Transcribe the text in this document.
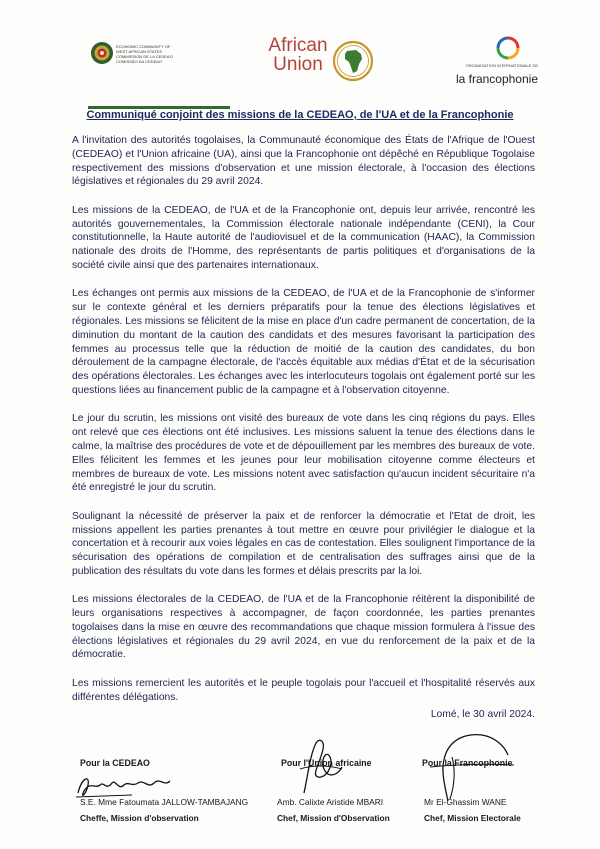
ECONOMIC COMMUNITY OF
WEST AFRICAN STATES
COMMISSION DE LA CEDEAO
COMISSÃO DA CEDEAO
African
Union	ORGANISATION INTERNATIONALE DE
la francophonie
Communiqué conjoint des missions de la CEDEAO, de l'UA et de la Francophonie

A l'invitation des autorités togolaises, la Communauté économique des États de l'Afrique de l'Ouest (CEDEAO) et l'Union africaine (UA), ainsi que la Francophonie ont dépêché en République Togolaise respectivement des missions d'observation et une mission électorale, à l'occasion des élections législatives et régionales du 29 avril 2024.

Les missions de la CEDEAO, de l'UA et de la Francophonie ont, depuis leur arrivée, rencontré les autorités gouvernementales, la Commission électorale nationale indépendante (CENI), la Cour constitutionnelle, la Haute autorité de l'audiovisuel et de la communication (HAAC), la Commission nationale des droits de l'Homme, des représentants de partis politiques et d'organisations de la société civile ainsi que des partenaires internationaux.

Les échanges ont permis aux missions de la CEDEAO, de l'UA et de la Francophonie de s'informer sur le contexte général et les derniers préparatifs pour la tenue des élections législatives et régionales. Les missions se félicitent de la mise en place d'un cadre permanent de concertation, de la diminution du montant de la caution des candidats et des mesures favorisant la participation des femmes au processus telle que la réduction de moitié de la caution des candidates, du bon déroulement de la campagne électorale, de l'accès équitable aux médias d'État et de la sécurisation des opérations électorales. Les échanges avec les interlocuteurs togolais ont également porté sur les questions liées au financement public de la campagne et à l'observation citoyenne.

Le jour du scrutin, les missions ont visité des bureaux de vote dans les cinq régions du pays. Elles ont relevé que ces élections ont été inclusives. Les missions saluent la tenue des élections dans le calme, la maîtrise des procédures de vote et de dépouillement par les membres des bureaux de vote. Elles félicitent les femmes et les jeunes pour leur mobilisation citoyenne comme électeurs et membres de bureaux de vote. Les missions notent avec satisfaction qu'aucun incident sécuritaire n'a été enregistré le jour du scrutin.

Soulignant la nécessité de préserver la paix et de renforcer la démocratie et l'Etat de droit, les missions appellent les parties prenantes à tout mettre en œuvre pour privilégier le dialogue et la concertation et à recourir aux voies légales en cas de contestation. Elles soulignent l'importance de la sécurisation des opérations de compilation et de centralisation des suffrages ainsi que de la publication des résultats du vote dans les formes et délais prescrits par la loi.

Les missions électorales de la CEDEAO, de l'UA et de la Francophonie réitèrent la disponibilité de leurs organisations respectives à accompagner, de façon coordonnée, les parties prenantes togolaises dans la mise en œuvre des recommandations que chaque mission formulera à l'issue des élections législatives et régionales du 29 avril 2024, en vue du renforcement de la paix et de la démocratie.

Les missions remercient les autorités et le peuple togolais pour l'accueil et l'hospitalité réservés aux différentes délégations.

Lomé, le 30 avril 2024.
Pour la CEDEAO
S.E. Mme Fatoumata JALLOW-TAMBAJANG
Cheffe, Mission d'observation
Pour l'Union africaine
Amb. Calixte Aristide MBARI
Chef, Mission d'Observation
Pour la Francophonie
Mr El-Ghassim WANE
Chef, Mission Electorale
